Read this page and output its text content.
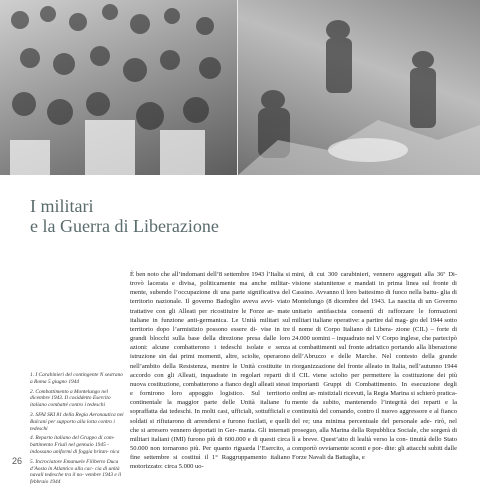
I militari
e la Guerra di Liberazione
1. I Carabinieri del contingente N sestrano a Roma 5 giugno 1944
2. Combattimento a Montelungo nel dicembre 1943. Il cosiddetto Esercito italiano combatté contro i tedeschi
3. SFAI SKI 81 della Regia Aeronautica nei Balcani per supporto alla lotta contro i tedeschi
4. Reparto italiano del Gruppo di com- battimento Friuli nel gennaio 1945 - indossano uniformi di foggia britan- nica
5. Incrociatore Emanuele Filiberto Duca d’Aosta in Atlantico alla cac- cia di unità navali tedesche tra il no- vembre 1943 e il febbraio 1944
È ben noto che all’indomani dell’8 settembre 1943 l’Italia si trovò lacerata e divisa, politicamente ma anche militar- mente, subendo l’occupazione di una parte significativa del territorio nazionale. Il governo Badoglio aveva avvi- viato trattative con gli Alleati per ricostituire le Forze ar- mate italiane in funzione anti-germanica. Le Unità militari sul territorio dopo l’armistizio possono essere di- vise in tre grandi blocchi sulla base della direzione presa dalle loro azioni: alcune combatterono i tedeschi isolate e senza istruzione sin dai primi momenti, altre, sciolte, operarono nell’ambito della Resistenza, mentre le Unità costituite in accordo con gli Alleati, inquadrate in regolari reparti di nuova costituzione, combatterono a fianco degli alleati stessi e fornirono loro appoggio logistico. Sul territorio continentale la maggior parte delle Unità italiane fu sopraffatta dai tedeschi. In molti casi, ufficiali, sottufficiali e soldati si rifiutarono di arrendersi e furono fucilati, e quelli che si arresero vennero deportati in Ger- mania. Gli internati militari italiani (IMI) furono più di 600.000 e di questi circa 50.000 non tornarono più. Per quanto riguarda l’Esercito, a fine settembre si costituì il 1° Raggruppamento italiano motorizzato: circa 5.000 uo-
mini, di cui 300 carabinieri, vennero aggregati alla 36ª Di- visione statunitense e mandati in prima linea sul fronte di Cassino. Avvanno il loro battesimo di fuoco nella battu- glia di Montelungo (8 dicembre del 1943. La nascita di un Governo unitario antifascista consentì di rafforzare le formazioni militari italiane operative: a partire dal mag- gio del 1944 sotto il nome di Corpo Italiano di Libera- zione (CIL) – forte di 24.000 uomini – inquadrato nel V Corpo inglese, che partecipò ai combattimenti sul fronte adriatico portando alla liberazione dell’Abruzzo e delle Marche. Nel contesto della grande riorganizzazione del fronte alleato in Italia, nell’autunno 1944 il CIL viene sciolto per permettere la costituzione dei più importanti Gruppi di Combattimento. In esecuzione degli ordini ar- mistiziali ricevuti, la Regia Marina si schierò pratica- mente da subito, mantenendo l’integrità dei reparti e la continuità del comando, contro il nuovo aggressore e al fianco del re; una minima percentuale del personale ade- rirò, nel proseguo, alla Marina della Repubblica Sociale, che sorgerà di lì a breve. Quest’atto di lealtà verso la con- tinuità dello Stato comportò ovviamente sconti e por- dite: gli attacchi subiti dalle Forze Navali da Battaglia, e
26
